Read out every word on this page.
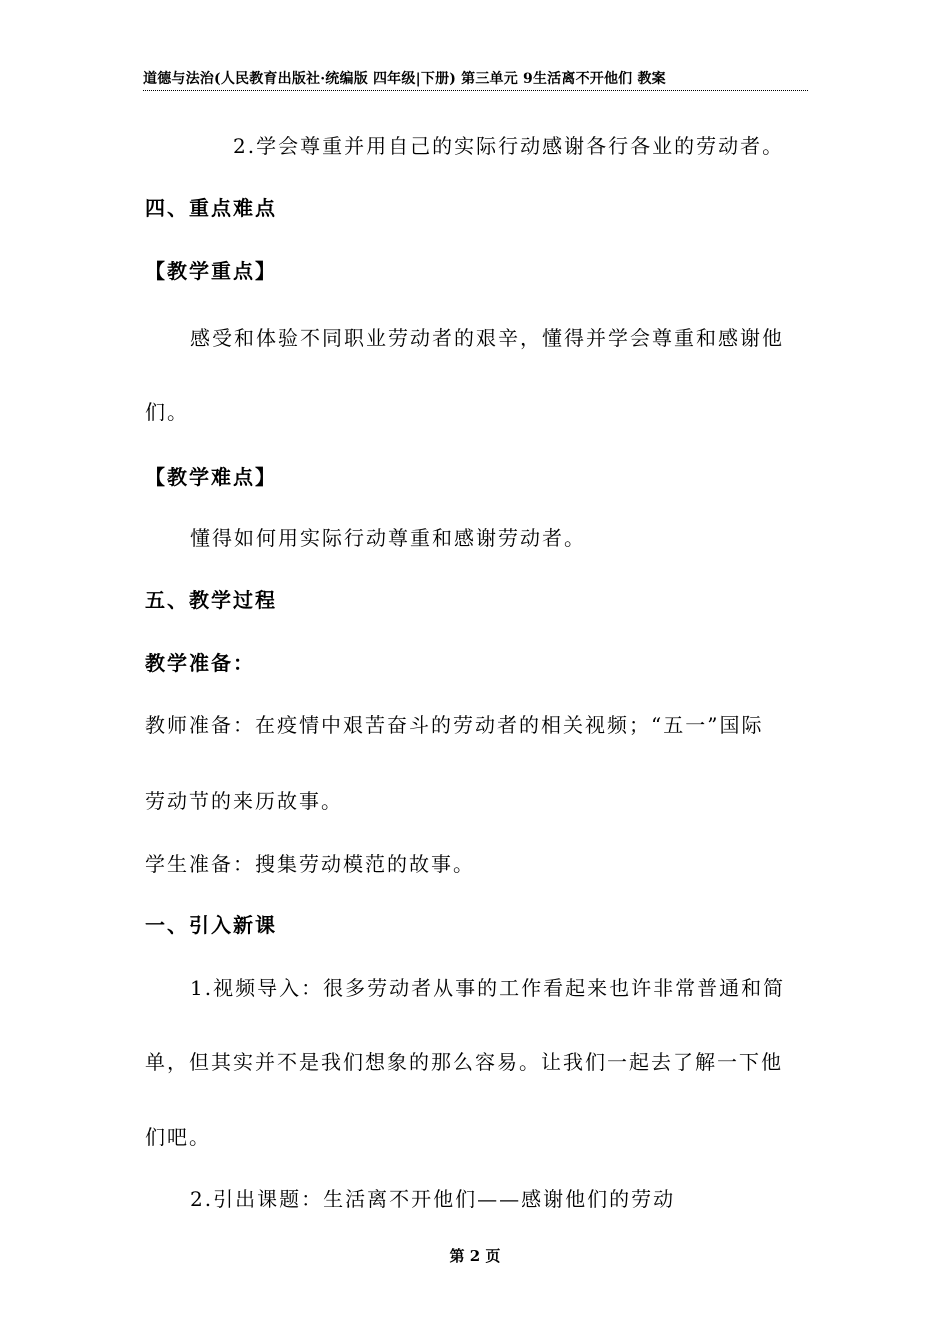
道德与法治(人民教育出版社·统编版 四年级|下册) 第三单元 9生活离不开他们 教案
2.学会尊重并用自己的实际行动感谢各行各业的劳动者。
四、重点难点
【教学重点】
感受和体验不同职业劳动者的艰辛，懂得并学会尊重和感谢他
们。
【教学难点】
懂得如何用实际行动尊重和感谢劳动者。
五、教学过程
教学准备：
教师准备：在疫情中艰苦奋斗的劳动者的相关视频；“五一”国际
劳动节的来历故事。
学生准备：搜集劳动模范的故事。
一、引入新课
1.视频导入：很多劳动者从事的工作看起来也许非常普通和简
单，但其实并不是我们想象的那么容易。让我们一起去了解一下他
们吧。
2.引出课题：生活离不开他们——感谢他们的劳动
第 2 页
